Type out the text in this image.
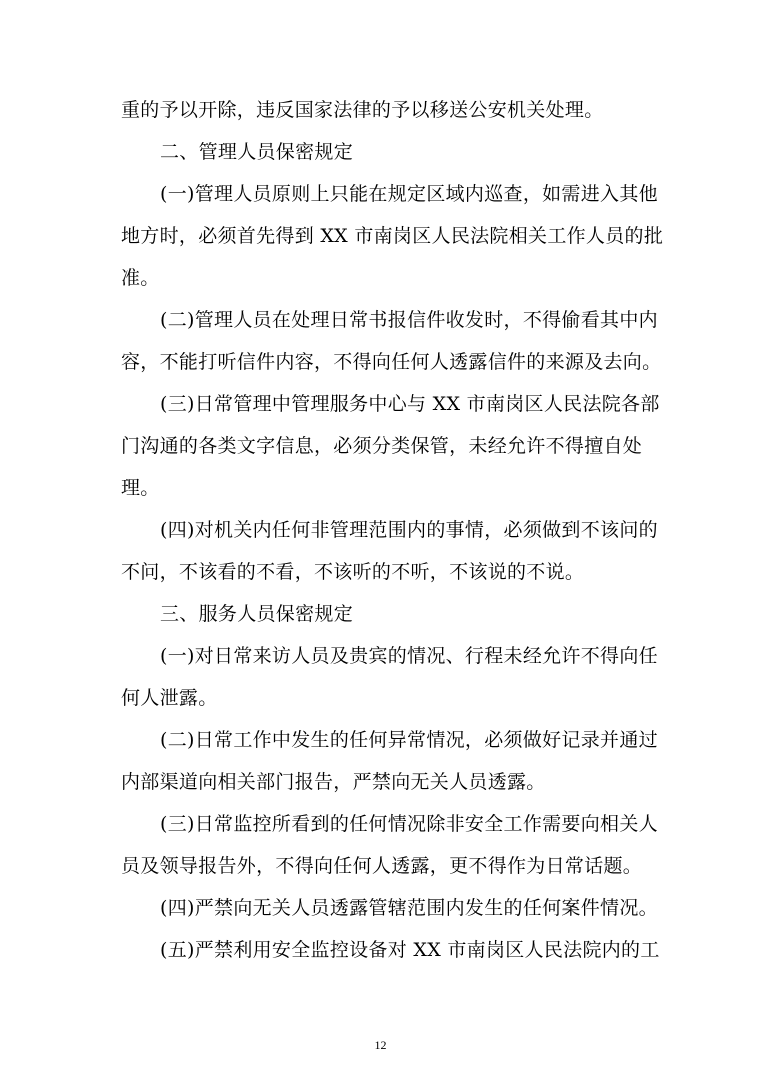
重的予以开除，违反国家法律的予以移送公安机关处理。
二、管理人员保密规定
(一)管理人员原则上只能在规定区域内巡查，如需进入其他
地方时，必须首先得到 XX 市南岗区人民法院相关工作人员的批
准。
(二)管理人员在处理日常书报信件收发时，不得偷看其中内
容，不能打听信件内容，不得向任何人透露信件的来源及去向。
(三)日常管理中管理服务中心与 XX 市南岗区人民法院各部
门沟通的各类文字信息，必须分类保管，未经允许不得擅自处
理。
(四)对机关内任何非管理范围内的事情，必须做到不该问的
不问，不该看的不看，不该听的不听，不该说的不说。
三、服务人员保密规定
(一)对日常来访人员及贵宾的情况、行程未经允许不得向任
何人泄露。
(二)日常工作中发生的任何异常情况，必须做好记录并通过
内部渠道向相关部门报告，严禁向无关人员透露。
(三)日常监控所看到的任何情况除非安全工作需要向相关人
员及领导报告外，不得向任何人透露，更不得作为日常话题。
(四)严禁向无关人员透露管辖范围内发生的任何案件情况。
(五)严禁利用安全监控设备对 XX 市南岗区人民法院内的工
12
